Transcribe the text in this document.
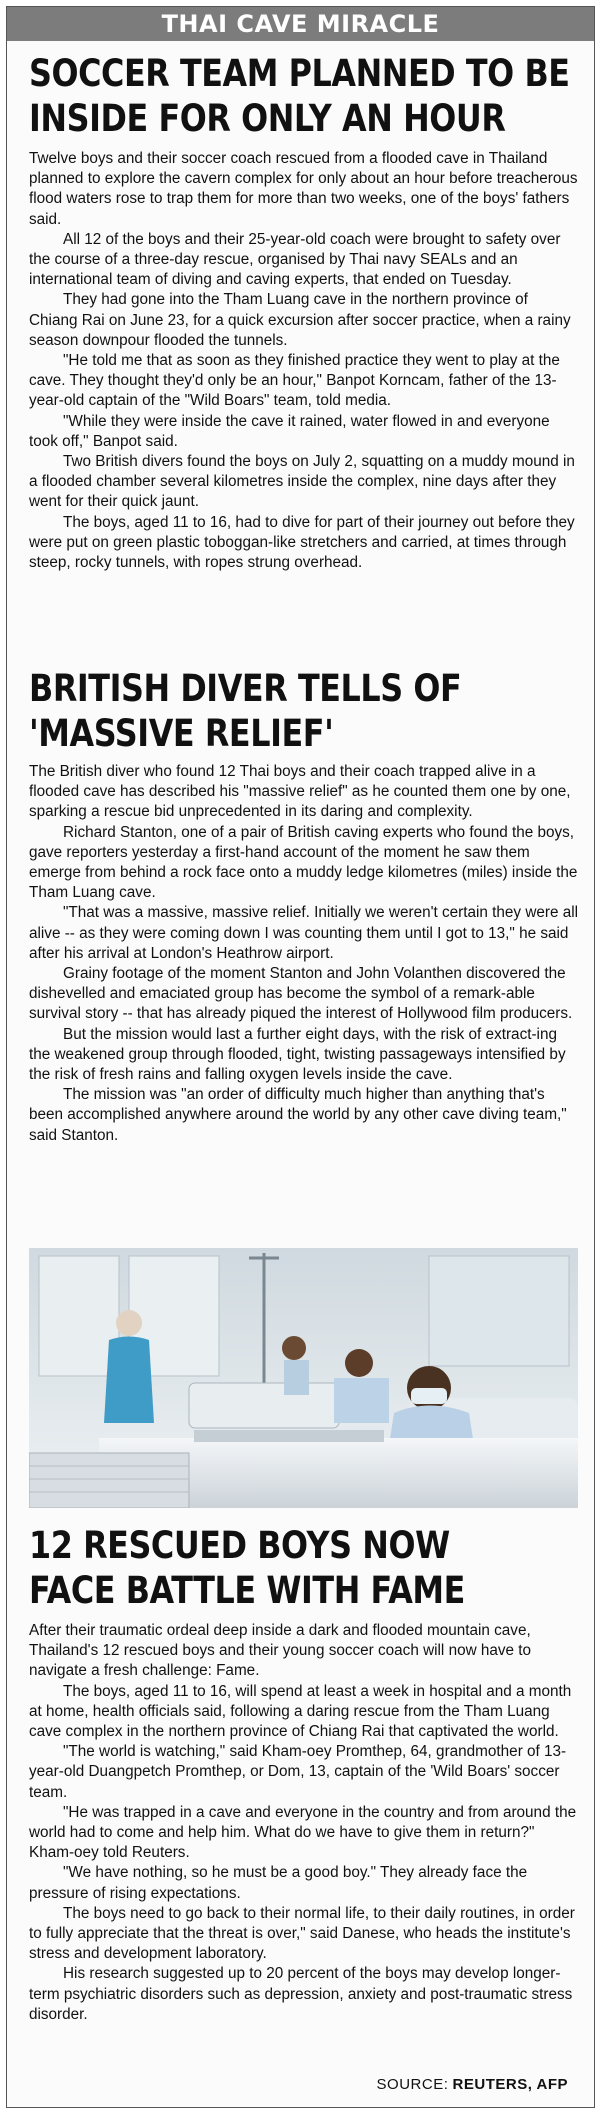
THAI CAVE MIRACLE
SOCCER TEAM PLANNED TO BE
INSIDE FOR ONLY AN HOUR

Twelve boys and their soccer coach rescued from a flooded cave in Thailand planned to explore the cavern complex for only about an hour before treacherous flood waters rose to trap them for more than two weeks, one of the boys' fathers said.

All 12 of the boys and their 25-year-old coach were brought to safety over the course of a three-day rescue, organised by Thai navy SEALs and an international team of diving and caving experts, that ended on Tuesday.

They had gone into the Tham Luang cave in the northern province of Chiang Rai on June 23, for a quick excursion after soccer practice, when a rainy season downpour flooded the tunnels.

"He told me that as soon as they finished practice they went to play at the cave. They thought they'd only be an hour," Banpot Korncam, father of the 13-year-old captain of the "Wild Boars" team, told media.

"While they were inside the cave it rained, water flowed in and everyone took off," Banpot said.

Two British divers found the boys on July 2, squatting on a muddy mound in a flooded chamber several kilometres inside the complex, nine days after they went for their quick jaunt.

The boys, aged 11 to 16, had to dive for part of their journey out before they were put on green plastic toboggan-like stretchers and carried, at times through steep, rocky tunnels, with ropes strung overhead.

BRITISH DIVER TELLS OF
'MASSIVE RELIEF'

The British diver who found 12 Thai boys and their coach trapped alive in a flooded cave has described his "massive relief" as he counted them one by one, sparking a rescue bid unprecedented in its daring and complexity.

Richard Stanton, one of a pair of British caving experts who found the boys, gave reporters yesterday a first-hand account of the moment he saw them emerge from behind a rock face onto a muddy ledge kilometres (miles) inside the Tham Luang cave.

"That was a massive, massive relief. Initially we weren't certain they were all alive -- as they were coming down I was counting them until I got to 13," he said after his arrival at London's Heathrow airport.

Grainy footage of the moment Stanton and John Volanthen discovered the dishevelled and emaciated group has become the symbol of a remark-able survival story -- that has already piqued the interest of Hollywood film producers.

But the mission would last a further eight days, with the risk of extract-ing the weakened group through flooded, tight, twisting passageways intensified by the risk of fresh rains and falling oxygen levels inside the cave.

The mission was "an order of difficulty much higher than anything that's been accomplished anywhere around the world by any other cave diving team," said Stanton.

12 RESCUED BOYS NOW
FACE BATTLE WITH FAME

After their traumatic ordeal deep inside a dark and flooded mountain cave, Thailand's 12 rescued boys and their young soccer coach will now have to navigate a fresh challenge: Fame.

The boys, aged 11 to 16, will spend at least a week in hospital and a month at home, health officials said, following a daring rescue from the Tham Luang cave complex in the northern province of Chiang Rai that captivated the world.

"The world is watching," said Kham-oey Promthep, 64, grandmother of 13-year-old Duangpetch Promthep, or Dom, 13, captain of the 'Wild Boars' soccer team.

"He was trapped in a cave and everyone in the country and from around the world had to come and help him. What do we have to give them in return?" Kham-oey told Reuters.

"We have nothing, so he must be a good boy." They already face the pressure of rising expectations.

The boys need to go back to their normal life, to their daily routines, in order to fully appreciate that the threat is over," said Danese, who heads the institute's stress and development laboratory.

His research suggested up to 20 percent of the boys may develop longer-term psychiatric disorders such as depression, anxiety and post-traumatic stress disorder.

SOURCE: REUTERS, AFP
